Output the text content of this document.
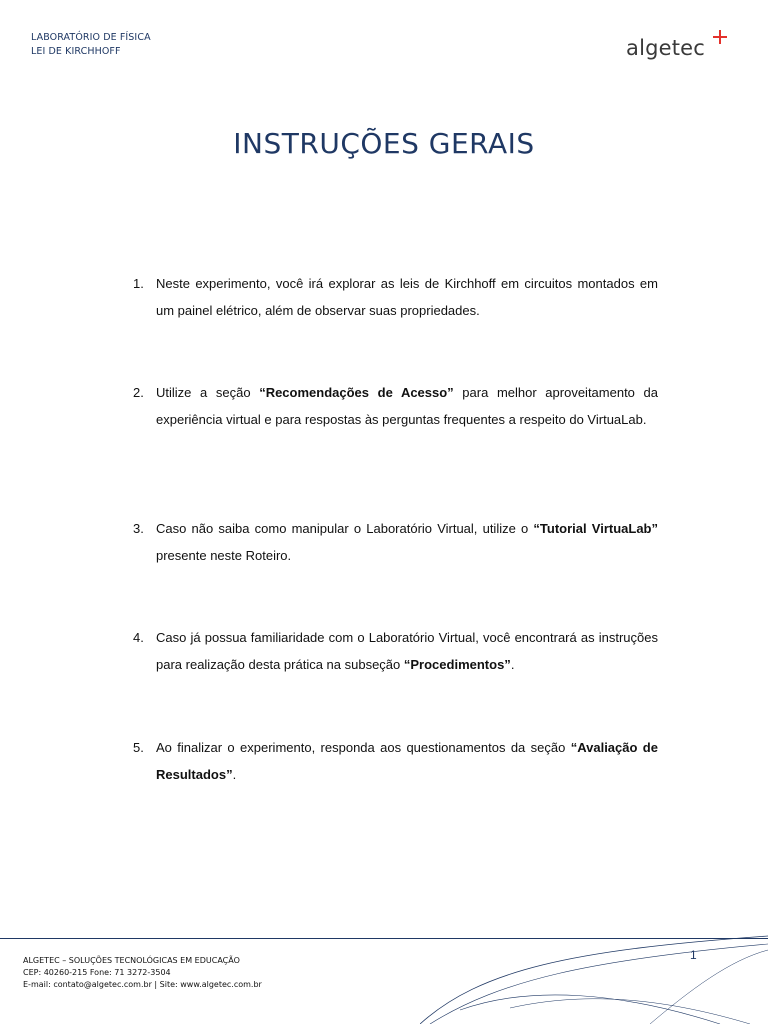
LABORATÓRIO DE FÍSICA
LEI DE KIRCHHOFF	algetec
INSTRUÇÕES GERAIS
1. Neste experimento, você irá explorar as leis de Kirchhoff em circuitos montados em um painel elétrico, além de observar suas propriedades.
2. Utilize a seção “Recomendações de Acesso” para melhor aproveitamento da experiência virtual e para respostas às perguntas frequentes a respeito do VirtuaLab.
3. Caso não saiba como manipular o Laboratório Virtual, utilize o “Tutorial VirtuaLab” presente neste Roteiro.
4. Caso já possua familiaridade com o Laboratório Virtual, você encontrará as instruções para realização desta prática na subseção “Procedimentos”.
5. Ao finalizar o experimento, responda aos questionamentos da seção “Avaliação de Resultados”.
ALGETEC – SOLUÇÕES TECNOLÓGICAS EM EDUCAÇÃO
CEP: 40260-215 Fone: 71 3272-3504
E-mail: contato@algetec.com.br | Site: www.algetec.com.br
1
